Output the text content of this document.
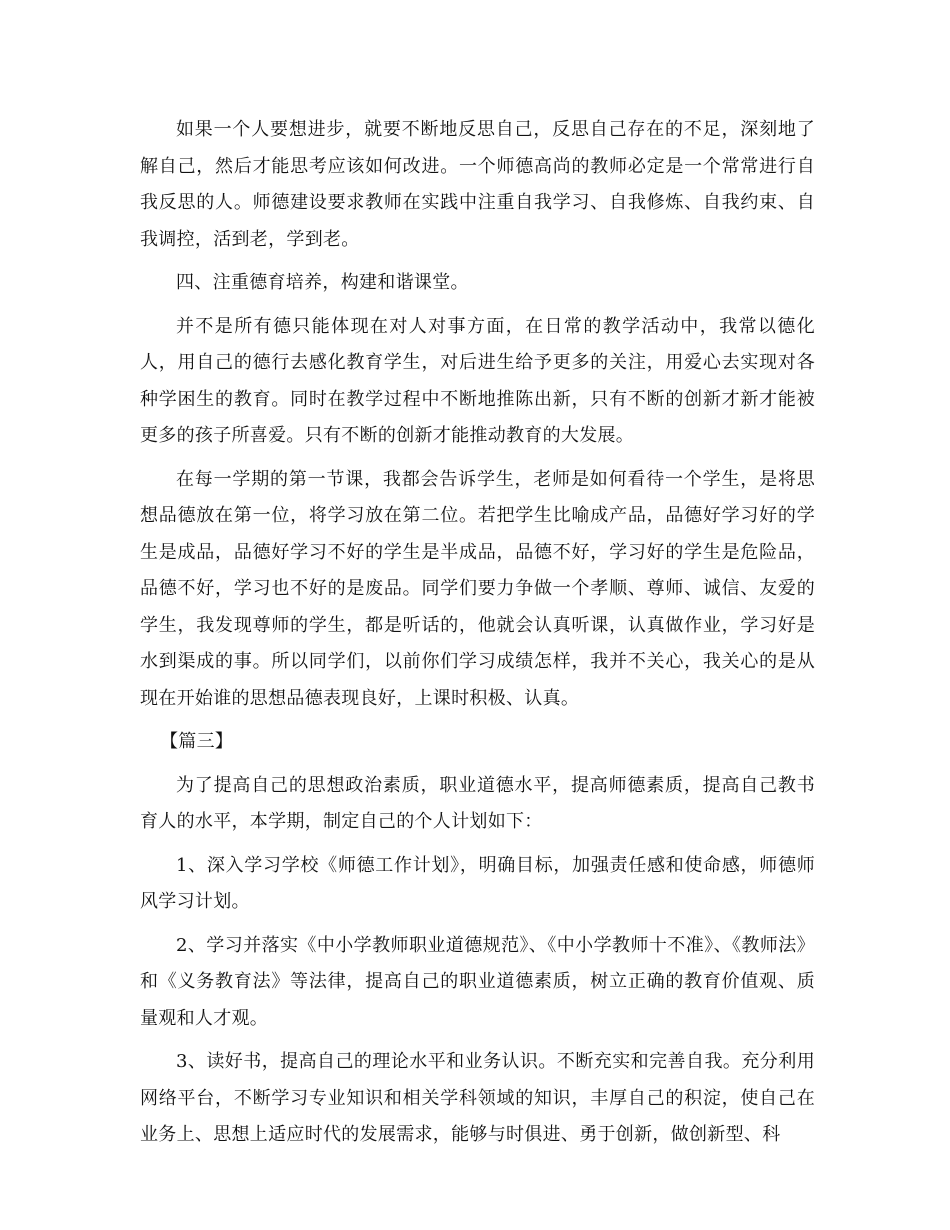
如果一个人要想进步，就要不断地反思自己，反思自己存在的不足，深刻地了解自己，然后才能思考应该如何改进。一个师德高尚的教师必定是一个常常进行自我反思的人。师德建设要求教师在实践中注重自我学习、自我修炼、自我约束、自我调控，活到老，学到老。

四、注重德育培养，构建和谐课堂。

并不是所有德只能体现在对人对事方面，在日常的教学活动中，我常以德化人，用自己的德行去感化教育学生，对后进生给予更多的关注，用爱心去实现对各种学困生的教育。同时在教学过程中不断地推陈出新，只有不断的创新才新才能被更多的孩子所喜爱。只有不断的创新才能推动教育的大发展。

在每一学期的第一节课，我都会告诉学生，老师是如何看待一个学生，是将思想品德放在第一位，将学习放在第二位。若把学生比喻成产品，品德好学习好的学生是成品，品德好学习不好的学生是半成品，品德不好，学习好的学生是危险品，品德不好，学习也不好的是废品。同学们要力争做一个孝顺、尊师、诚信、友爱的学生，我发现尊师的学生，都是听话的，他就会认真听课，认真做作业，学习好是水到渠成的事。所以同学们，以前你们学习成绩怎样，我并不关心，我关心的是从现在开始谁的思想品德表现良好，上课时积极、认真。

【篇三】

为了提高自己的思想政治素质，职业道德水平，提高师德素质，提高自己教书育人的水平，本学期，制定自己的个人计划如下：

1、深入学习学校《师德工作计划》，明确目标，加强责任感和使命感，师德师风学习计划。

2、学习并落实《中小学教师职业道德规范》、《中小学教师十不准》、《教师法》和《义务教育法》等法律，提高自己的职业道德素质，树立正确的教育价值观、质量观和人才观。

3、读好书，提高自己的理论水平和业务认识。不断充实和完善自我。充分利用网络平台，不断学习专业知识和相关学科领域的知识，丰厚自己的积淀，使自己在业务上、思想上适应时代的发展需求，能够与时俱进、勇于创新，做创新型、科
